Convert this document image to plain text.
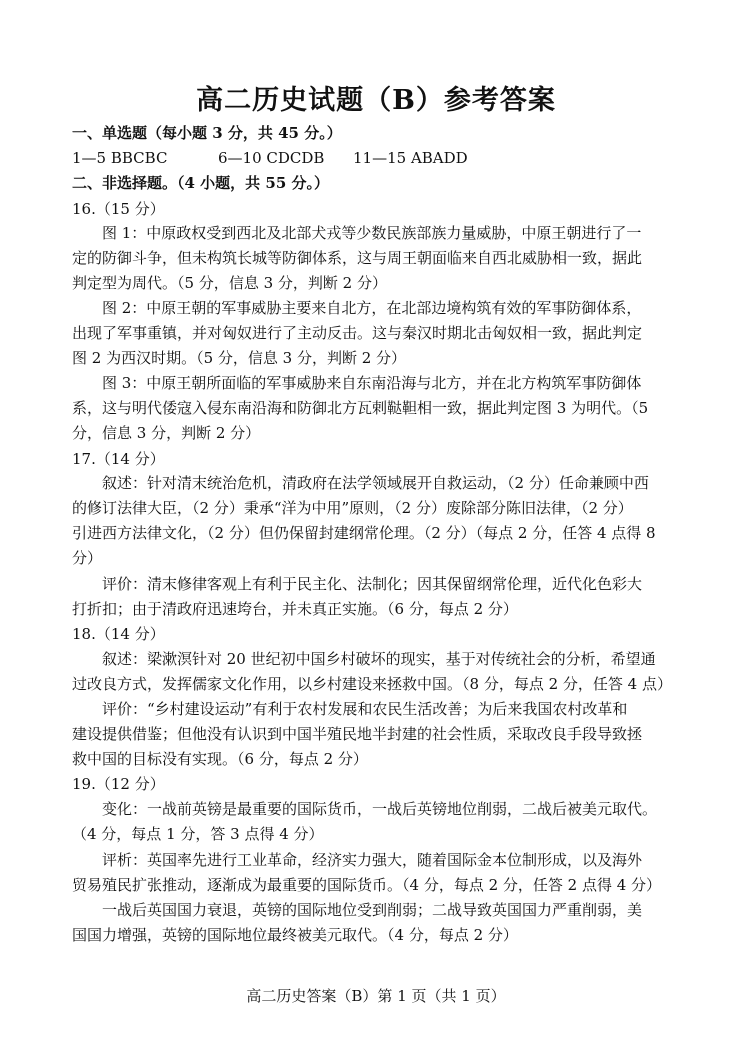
高二历史试题（B）参考答案
一、单选题（每小题 3 分，共 45 分。）
1—5 BBCBC	6—10 CDCDB 11—15 ABADD
二、非选择题。（4 小题，共 55 分。）
16.（15 分）
图 1：中原政权受到西北及北部犬戎等少数民族部族力量威胁，中原王朝进行了一
定的防御斗争，但未构筑长城等防御体系，这与周王朝面临来自西北威胁相一致，据此
判定型为周代。（5 分，信息 3 分，判断 2 分）
图 2：中原王朝的军事威胁主要来自北方，在北部边境构筑有效的军事防御体系，
出现了军事重镇，并对匈奴进行了主动反击。这与秦汉时期北击匈奴相一致，据此判定
图 2 为西汉时期。（5 分，信息 3 分，判断 2 分）
图 3：中原王朝所面临的军事威胁来自东南沿海与北方，并在北方构筑军事防御体
系，这与明代倭寇入侵东南沿海和防御北方瓦剌鞑靼相一致，据此判定图 3 为明代。（5
分，信息 3 分，判断 2 分）
17.（14 分）
叙述：针对清末统治危机，清政府在法学领域展开自救运动，（2 分）任命兼顾中西
的修订法律大臣，（2 分）秉承“洋为中用”原则，（2 分）废除部分陈旧法律，（2 分）
引进西方法律文化，（2 分）但仍保留封建纲常伦理。（2 分）（每点 2 分，任答 4 点得 8
分）
评价：清末修律客观上有利于民主化、法制化；因其保留纲常伦理，近代化色彩大
打折扣；由于清政府迅速垮台，并未真正实施。（6 分，每点 2 分）
18.（14 分）
叙述：梁漱溟针对 20 世纪初中国乡村破坏的现实，基于对传统社会的分析，希望通
过改良方式，发挥儒家文化作用，以乡村建设来拯救中国。（8 分，每点 2 分，任答 4 点）
评价：“乡村建设运动”有利于农村发展和农民生活改善；为后来我国农村改革和
建设提供借鉴；但他没有认识到中国半殖民地半封建的社会性质，采取改良手段导致拯
救中国的目标没有实现。（6 分，每点 2 分）
19.（12 分）
变化：一战前英镑是最重要的国际货币，一战后英镑地位削弱，二战后被美元取代。
（4 分，每点 1 分，答 3 点得 4 分）
评析：英国率先进行工业革命，经济实力强大，随着国际金本位制形成，以及海外
贸易殖民扩张推动，逐渐成为最重要的国际货币。（4 分，每点 2 分，任答 2 点得 4 分）
一战后英国国力衰退，英镑的国际地位受到削弱；二战导致英国国力严重削弱，美
国国力增强，英镑的国际地位最终被美元取代。（4 分，每点 2 分）
高二历史答案（B）第 1 页（共 1 页）
